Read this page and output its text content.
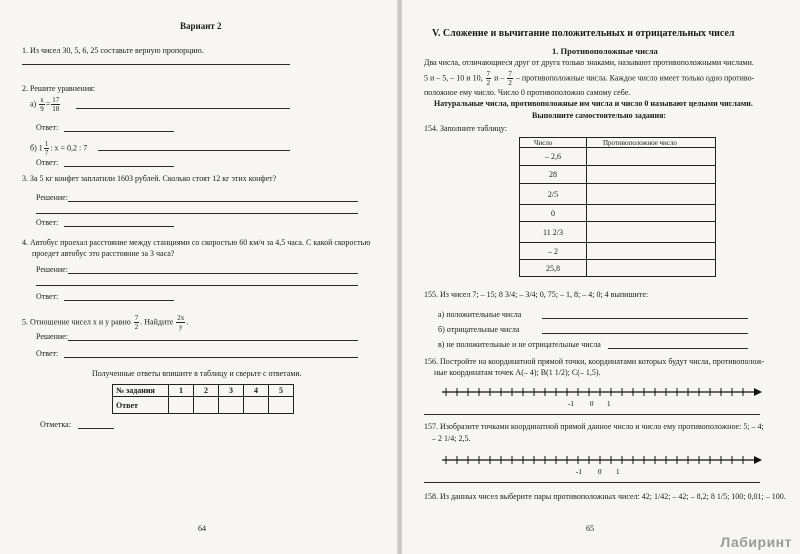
Вариант 2
1. Из чисел 30, 5, 6, 25 составьте верную пропорцию.
2. Решите уравнения:
$а) \frac{x}{9} = \frac{17}{18}$
Ответ:
б) $1 \frac{1}{7}$ : x = 0,2 : 7
Ответ:
3. За 5 кг конфет заплатили 1603 рублей. Сколько стоят 12 кг этих конфет?
Решение:
Ответ:
4. Автобус проехал расстояние между станциями со скоростью 60 км/ч за 4,5 часа. С какой скоростью
проедет автобус это расстояние за 3 часа?
Решение:
Ответ:
5. Отношение чисел x и y равно $\frac{7}{2}$ . Найдите $\frac{2x}{y}$ .
Решение:
Ответ:
Полученные ответы впишите в таблицу и сверьте с ответами.
№ задания	1	2	3	4	5
Ответ					
Отметка:
64
V. Сложение и вычитание положительных и отрицательных чисел
1. Противоположные числа
Два числа, отличающиеся друг от друга только знаками, называют противоположными числами.
5 и – 5, – 10 и 10, $\frac{7}{2}$ и – $\frac{7}{2}$ – противоположные числа. Каждое число имеет только одно противо-
положное ему число. Число 0 противоположно самому себе.
Натуральные числа, противоположные им числа и число 0 называют целыми числами.
Выполните самостоятельно задания:
154. Заполните таблицу:
Число	Противоположное число
– 2,6	
28	
2/5	
0	
11 2/3	
– 2	
25,8	
155. Из чисел 7; – 15; 8 3/4; – 3/4; 0, 75; – 1, 8; – 4; 0; 4 выпишите:
а) положительные числа
б) отрицательные числа
в) не положительные и не отрицательные числа
156. Постройте на координатной прямой точки, координатами которых будут числа, противополож-
ные координатам точек А(– 4); В(1 1/2); С(– 1,5).
-1 0 1
157. Изобразите точками координатной прямой данное число и число ему противоположное: 5; – 4;
– 2 1/4; 2,5.
-1 0 1
158. Из данных чисел выберите пары противоположных чисел: 42; 1/42; – 42; – 8,2; 8 1/5; 100; 0,01; – 100.
65
Лабиринт
